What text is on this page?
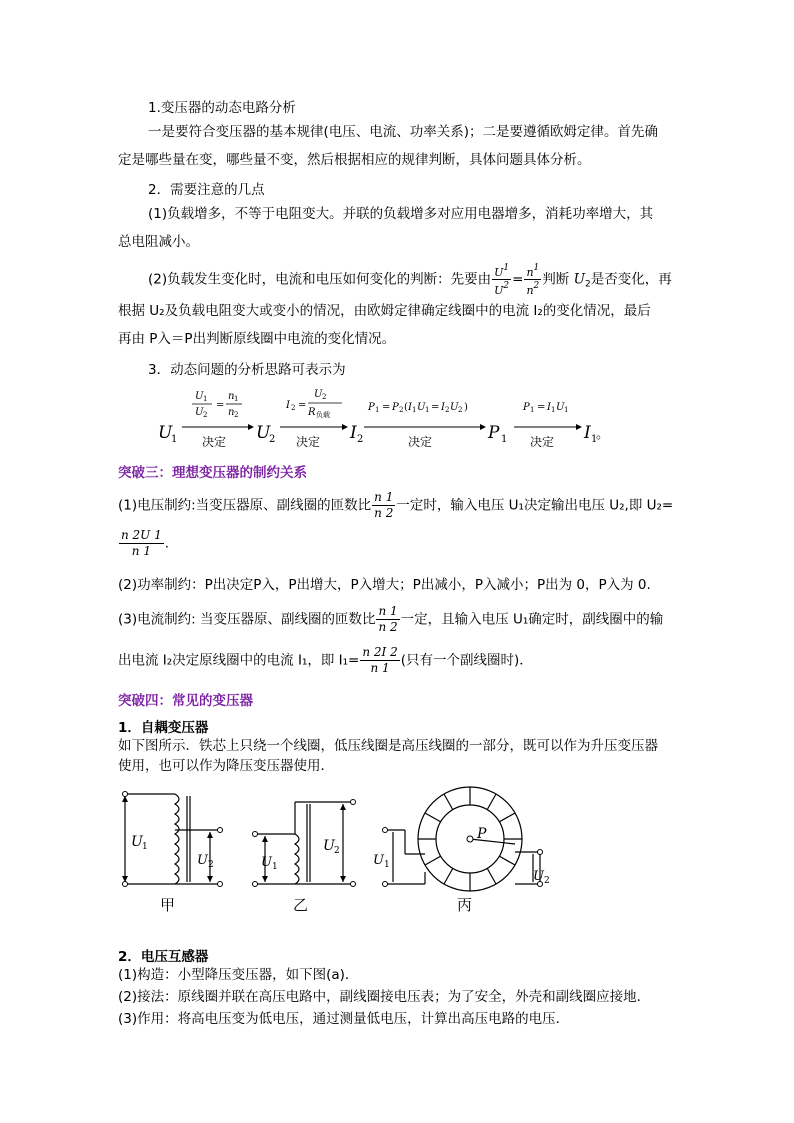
1.变压器的动态电路分析
一是要符合变压器的基本规律(电压、电流、功率关系)；二是要遵循欧姆定律。首先确
定是哪些量在变，哪些量不变，然后根据相应的规律判断，具体问题具体分析。
2．需要注意的几点
(1)负载增多，不等于电阻变大。并联的负载增多对应用电器增多，消耗功率增大，其
总电阻减小。
(2)负载发生变化时，电流和电压如何变化的判断：先要由 $\frac{U^1}{U^2} = \frac{n^1}{n^2}$ 判断 $U_2$是否变化，再
根据 U₂及负载电阻变大或变小的情况，由欧姆定律确定线圈中的电流 I₂的变化情况，最后
再由 P入＝P出判断原线圈中电流的变化情况。
3．动态问题的分析思路可表示为
U
1
U 1
U 2
=
n 1
n 2
决定 U
2
I 2 =
U 2
R 负载
决定 I 2
P 1 = P 2 ( I 1 U 1 = I 2 U 2 )
决定	P 1
P 1 = I 1 U 1
决定 I 1
。
突破三：理想变压器的制约关系
(1)电压制约:当变压器原、副线圈的匝数比 $\frac{n 1}{n 2}$ 一定时，输入电压 U₁决定输出电压 U₂,即 U₂=
$\frac{n 2U 1}{n 1}$ .
(2)功率制约：P出决定P入，P出增大，P入增大；P出减小，P入减小；P出为 0，P入为 0.
(3)电流制约: 当变压器原、副线圈的匝数比 $\frac{n 1}{n 2}$ 一定，且输入电压 U₁确定时，副线圈中的输
出电流 I₂决定原线圈中的电流 I₁，即 $I_1= \frac{n 2I 2}{n 1}$ (只有一个副线圈时)．
突破四：常见的变压器
1．自耦变压器
如下图所示．铁芯上只绕一个线圈，低压线圈是高压线圈的一部分，既可以作为升压变压器
使用，也可以作为降压变压器使用．
U 1
U 2
甲
U 1
U 2
乙
P
U 1
U 2
丙
2．电压互感器
(1)构造：小型降压变压器，如下图(a)．
(2)接法：原线圈并联在高压电路中，副线圈接电压表；为了安全，外壳和副线圈应接地．
(3)作用：将高电压变为低电压，通过测量低电压，计算出高压电路的电压．
